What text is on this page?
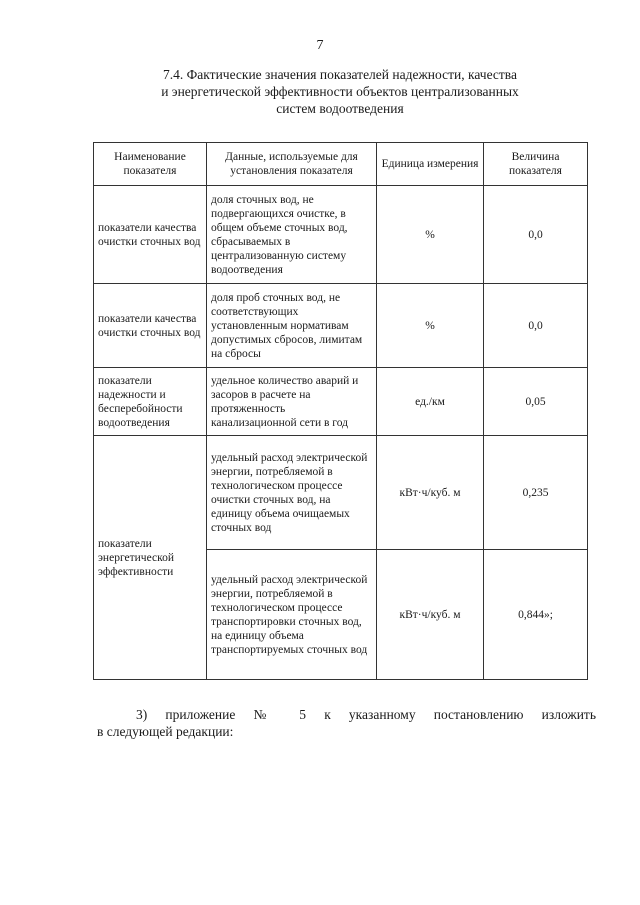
7
7.4. Фактические значения показателей надежности, качества
и энергетической эффективности объектов централизованных
систем водоотведения
Наименование показателя	Данные, используемые для установления показателя	Единица измерения	Величина показателя
показатели качества очистки сточных вод	доля сточных вод, не подвергающихся очистке, в общем объеме сточных вод, сбрасываемых в централизованную систему водоотведения	%	0,0
показатели качества очистки сточных вод	доля проб сточных вод, не соответствующих установленным нормативам допустимых сбросов, лимитам на сбросы	%	0,0
показатели надежности и бесперебойности водоотведения	удельное количество аварий и засоров в расчете на протяженность канализационной сети в год	ед./км	0,05
показатели энергетической эффективности	удельный расход электрической энергии, потребляемой в технологическом процессе очистки сточных вод, на единицу объема очищаемых сточных вод	кВт·ч/куб. м	0,235
	удельный расход электрической энергии, потребляемой в технологическом процессе транспортировки сточных вод, на единицу объема транспортируемых сточных вод	кВт·ч/куб. м	0,844»;
3) приложение № 5 к указанному постановлению изложить
в следующей редакции:
